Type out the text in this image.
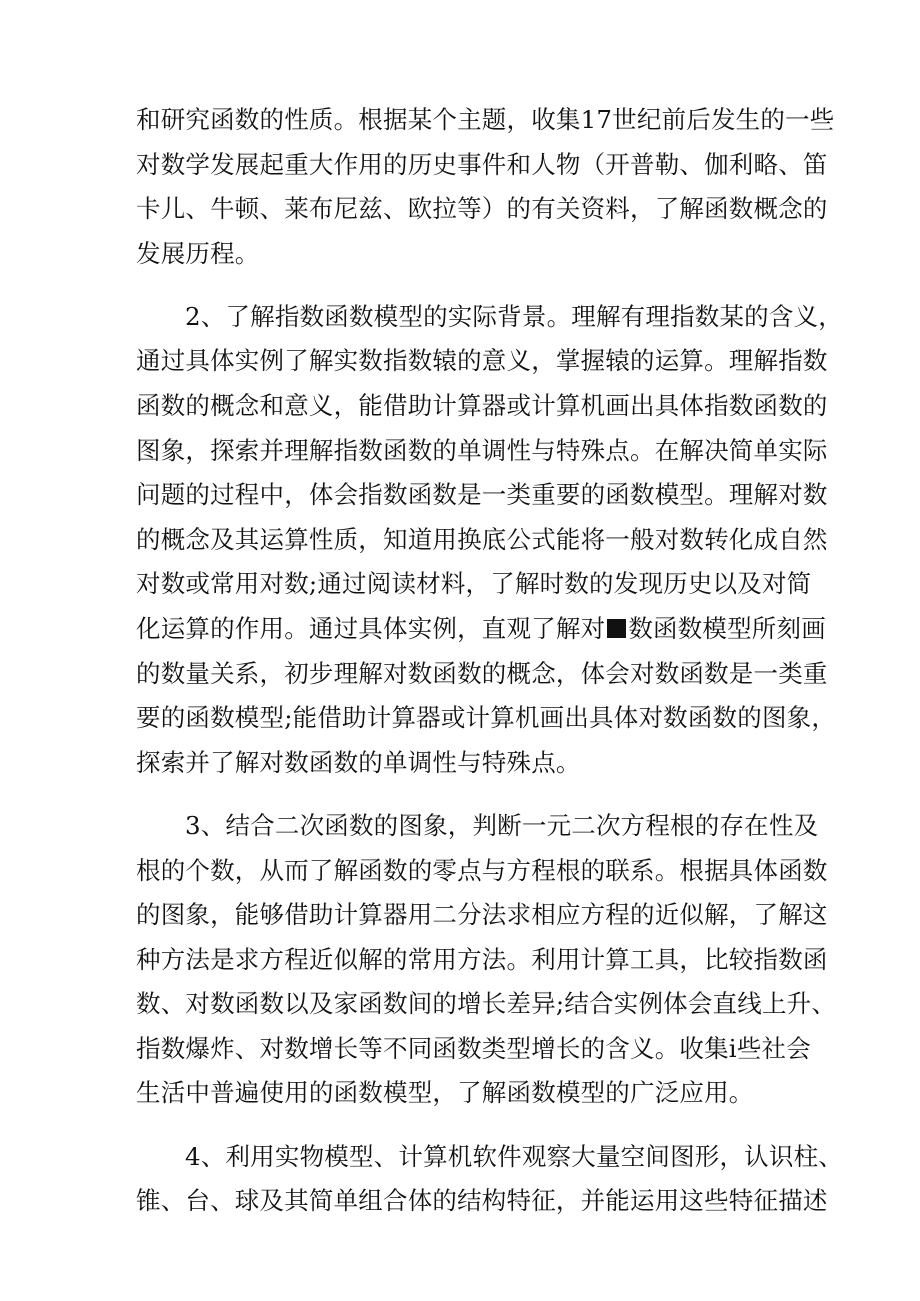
和研究函数的性质。根据某个主题，收集17世纪前后发生的一些
对数学发展起重大作用的历史事件和人物（开普勒、伽利略、笛
卡儿、牛顿、莱布尼兹、欧拉等）的有关资料，了解函数概念的
发展历程。
2、了解指数函数模型的实际背景。理解有理指数某的含义，
通过具体实例了解实数指数辕的意义，掌握辕的运算。理解指数
函数的概念和意义，能借助计算器或计算机画出具体指数函数的
图象，探索并理解指数函数的单调性与特殊点。在解决简单实际
问题的过程中，体会指数函数是一类重要的函数模型。理解对数
的概念及其运算性质，知道用换底公式能将一般对数转化成自然
对数或常用对数;通过阅读材料，了解时数的发现历史以及对简
化运算的作用。通过具体实例，直观了解对 数函数模型所刻画
的数量关系，初步理解对数函数的概念，体会对数函数是一类重
要的函数模型;能借助计算器或计算机画出具体对数函数的图象，
探索并了解对数函数的单调性与特殊点。
3、结合二次函数的图象，判断一元二次方程根的存在性及
根的个数，从而了解函数的零点与方程根的联系。根据具体函数
的图象，能够借助计算器用二分法求相应方程的近似解，了解这
种方法是求方程近似解的常用方法。利用计算工具，比较指数函
数、对数函数以及家函数间的增长差异;结合实例体会直线上升、
指数爆炸、对数增长等不同函数类型增长的含义。收集i些社会
生活中普遍使用的函数模型，了解函数模型的广泛应用。
4、利用实物模型、计算机软件观察大量空间图形，认识柱、
锥、台、球及其简单组合体的结构特征，并能运用这些特征描述
